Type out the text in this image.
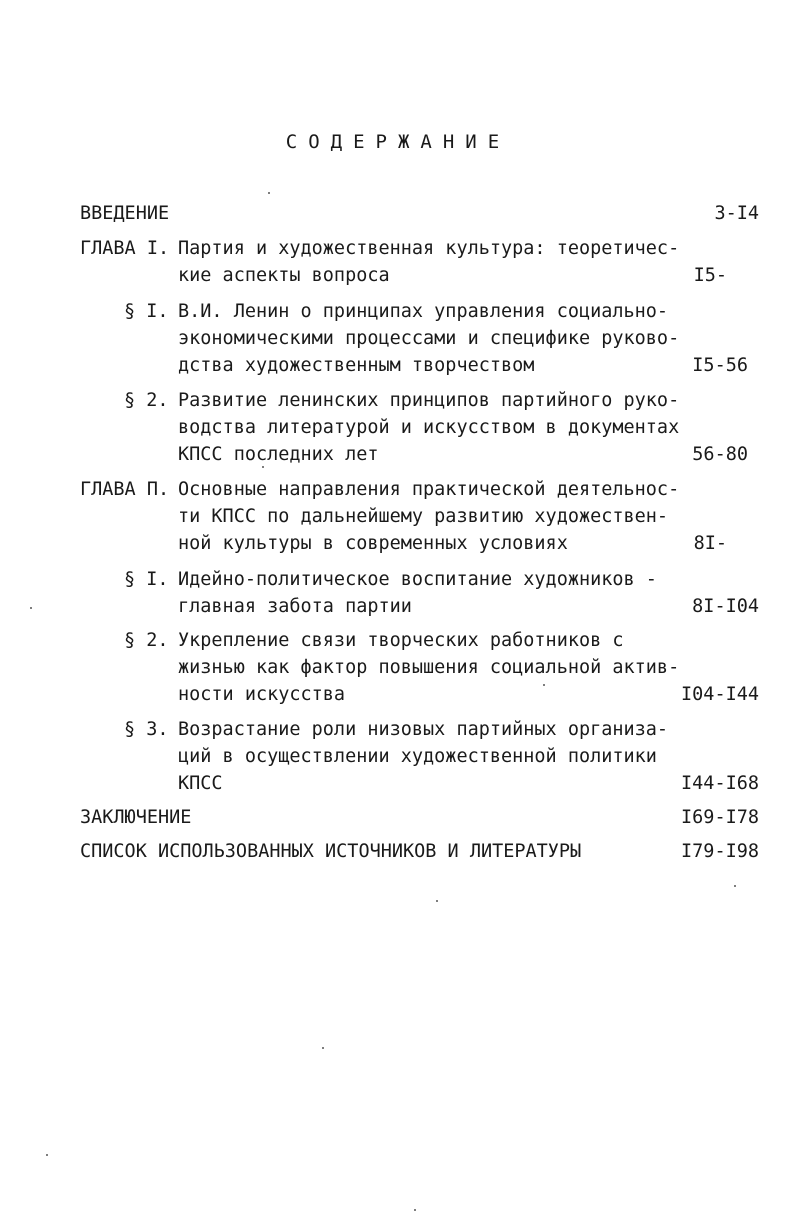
СОДЕРЖАНИЕ
ВВЕДЕНИЕ	3-I4
ГЛАВА I. Партия и художественная культура: теоретичес-
кие аспекты вопроса	I5-
§ I. В.И. Ленин о принципах управления социально-
экономическими процессами и специфике руково-
дства художественным творчеством	I5-56
§ 2. Развитие ленинских принципов партийного руко-
водства литературой и искусством в документах
КПСС последних лет	56-80
ГЛАВА П. Основные направления практической деятельнос-
ти КПСС по дальнейшему развитию художествен-
ной культуры в современных условиях	8I-
§ I. Идейно-политическое воспитание художников -
главная забота партии	8I-I04
§ 2. Укрепление связи творческих работников с
жизнью как фактор повышения социальной актив-
ности искусства	I04-I44
§ 3. Возрастание роли низовых партийных организа-
ций в осуществлении художественной политики
КПСС	I44-I68
ЗАКЛЮЧЕНИЕ	I69-I78
СПИСОК ИСПОЛЬЗОВАННЫХ ИСТОЧНИКОВ И ЛИТЕРАТУРЫ	I79-I98
